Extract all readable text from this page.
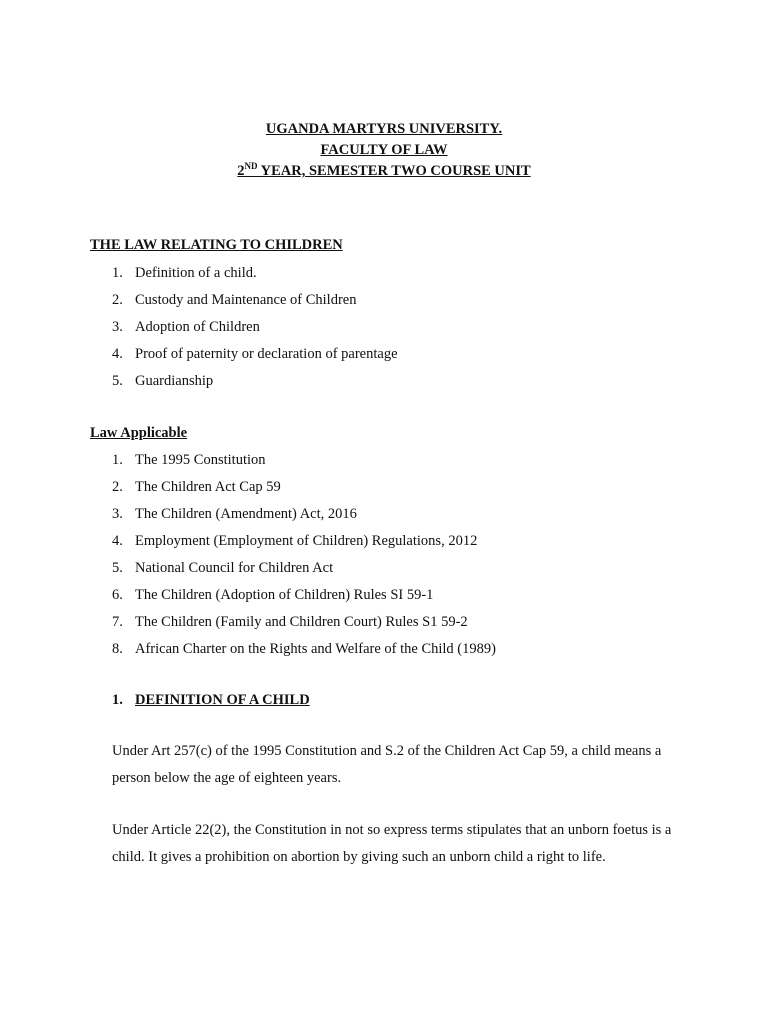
UGANDA MARTYRS UNIVERSITY.
FACULTY OF LAW
2ND YEAR, SEMESTER TWO COURSE UNIT
THE LAW RELATING TO CHILDREN
1. Definition of a child.
2. Custody and Maintenance of Children
3. Adoption of Children
4. Proof of paternity or declaration of parentage
5. Guardianship
Law Applicable
1. The 1995 Constitution
2. The Children Act Cap 59
3. The Children (Amendment) Act, 2016
4. Employment (Employment of Children) Regulations, 2012
5. National Council for Children Act
6. The Children (Adoption of Children) Rules SI 59-1
7. The Children (Family and Children Court) Rules S1 59-2
8. African Charter on the Rights and Welfare of the Child (1989)
1. DEFINITION OF A CHILD

Under Art 257(c) of the 1995 Constitution and S.2 of the Children Act Cap 59, a child means a person below the age of eighteen years.

Under Article 22(2), the Constitution in not so express terms stipulates that an unborn foetus is a child. It gives a prohibition on abortion by giving such an unborn child a right to life.
